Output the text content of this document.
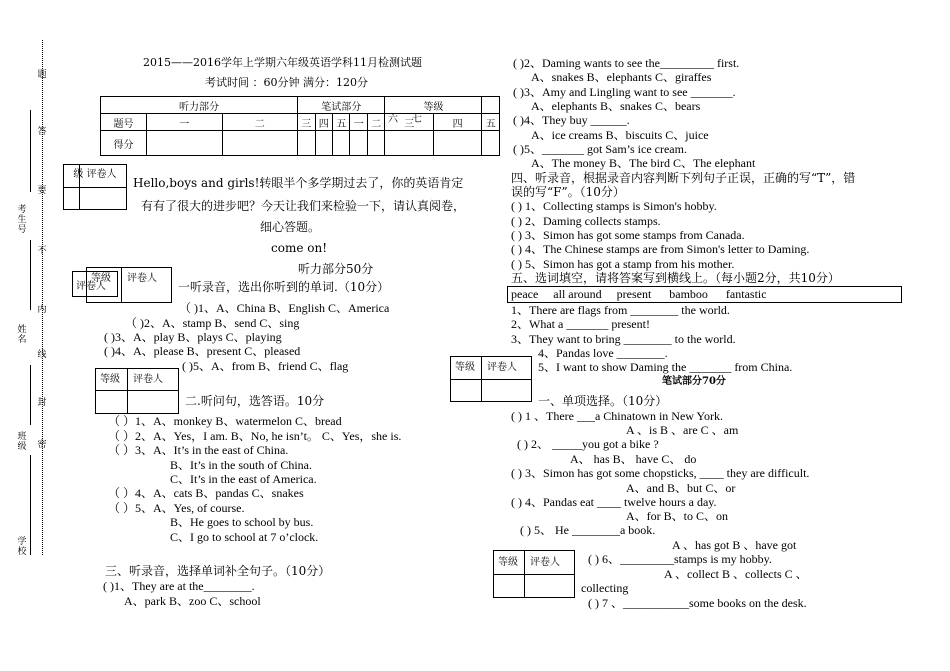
题
答
要
不
内
线
封
密
考生号
姓名
班级
学校
2015——2016学年上学期六年级英语学科11月检测试题
考试时间 ：60分钟 满分：120分
听力部分			笔试部分					等级		
题号	一	二	三	四	五	一	二	三	四	五
得分										
六 七
级 评卷人
Hello,boys and girls!转眼半个多学期过去了，你的英语肯定
有有了很大的进步吧？今天让我们来检验一下，请认真阅卷，
细心答题。
come on!
听力部分50分
评卷人
等级 评卷人
一听录音，选出你听到的单词.（10分）
（ )1、A、China B、English C、America
（ )2、A、stamp B、send C、sing
( )3、A、play B、plays C、playing
( )4、A、please B、present C、pleased
( )5、A、from B、friend C、flag
等级 评卷人
二.听问句，选答语。10分
（ ）1、A、monkey B、watermelon C、bread
（ ）2、A、Yes，I am. B、No, he isn’t。 C、Yes，she is.
（ ）3、A、It’s in the east of China.
B、It’s in the south of China.
C、It’s in the east of America.
（ ）4、A、cats B、pandas C、snakes
（ ）5、A、Yes, of course.
B、He goes to school by bus.
C、I go to school at 7 o’clock.
三、听录音，选择单词补全句子。（10分）
( )1、They are at the________.
A、park B、zoo C、school
( )2、Daming wants to see the_________ first.
A、snakes B、elephants C、giraffes
( )3、Amy and Lingling want to see _______.
A、elephants B、snakes C、bears
( )4、They buy ______.
A、ice creams B、biscuits C、juice
( )5、_______ got Sam’s ice cream.
A、The money B、The bird C、The elephant
四、听录音，根据录音内容判断下列句子正误，正确的写“T”，错
误的写“F”。（10分）
( ) 1、Collecting stamps is Simon's hobby.
( ) 2、Daming collects stamps.
( ) 3、Simon has got some stamps from Canada.
( ) 4、The Chinese stamps are from Simon's letter to Daming.
( ) 5、Simon has got a stamp from his mother.
五、选词填空，请将答案写到横线上。（每小题2分，共10分）
peace     all around     present      bamboo      fantastic
1、There are flags from ________ the world.
2、What a _______ present!
3、They want to bring ________ to the world.
4、Pandas love ________.
5、I want to show Daming the _______ from China.
等级 评卷人
笔试部分70分
一、单项选择。（10分）
( ) 1 、There ___a Chinatown in New York.
A 、is B 、are C 、am
( ) 2、 _____you got a bike ?
A、 has B、 have C、 do
( ) 3、Simon has got some chopsticks, ____ they are difficult.
A、and B、but C、or
( ) 4、Pandas eat ____ twelve hours a day.
A、for B、to C、on
( ) 5、 He ________a book.
A 、has got B 、have got
( ) 6、_________stamps is my hobby.
A 、collect B 、collects C 、
collecting
( ) 7 、___________some books on the desk.
等级 评卷人
